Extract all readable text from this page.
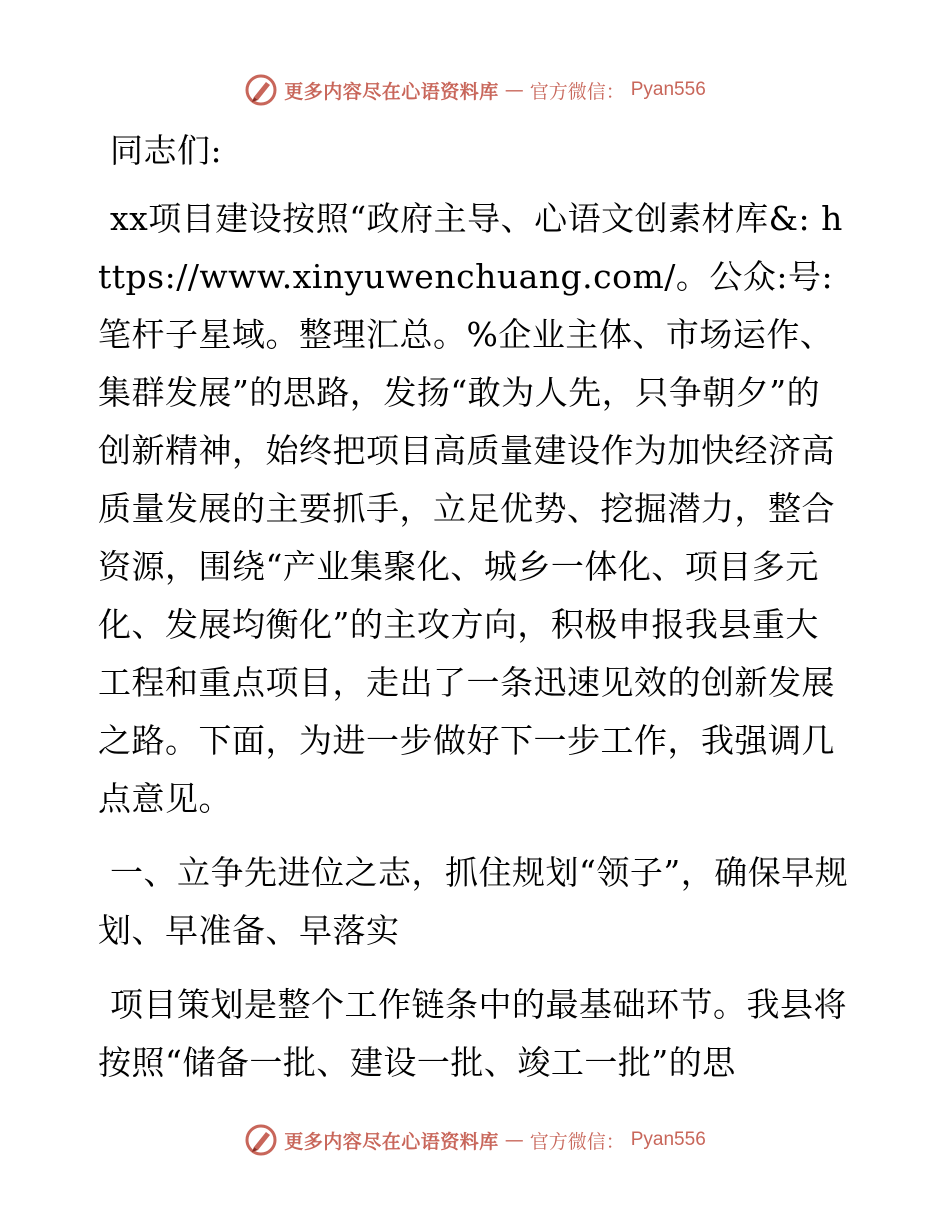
更多内容尽在心语资料库 — 官方微信： Pyan556

同志们:

xx项目建设按照“政府主导、心语文创素材库&: https://www.xinyuwenchuang.com/。公众:号: 笔杆子星域。整理汇总。%企业主体、市场运作、集群发展”的思路，发扬“敢为人先，只争朝夕”的创新精神，始终把项目高质量建设作为加快经济高质量发展的主要抓手，立足优势、挖掘潜力，整合资源，围绕“产业集聚化、城乡一体化、项目多元化、发展均衡化”的主攻方向，积极申报我县重大工程和重点项目，走出了一条迅速见效的创新发展之路。下面，为进一步做好下一步工作，我强调几点意见。

一、立争先进位之志，抓住规划“领子”，确保早规划、早准备、早落实

项目策划是整个工作链条中的最基础环节。我县将按照“储备一批、建设一批、竣工一批”的思

更多内容尽在心语资料库 — 官方微信： Pyan556
